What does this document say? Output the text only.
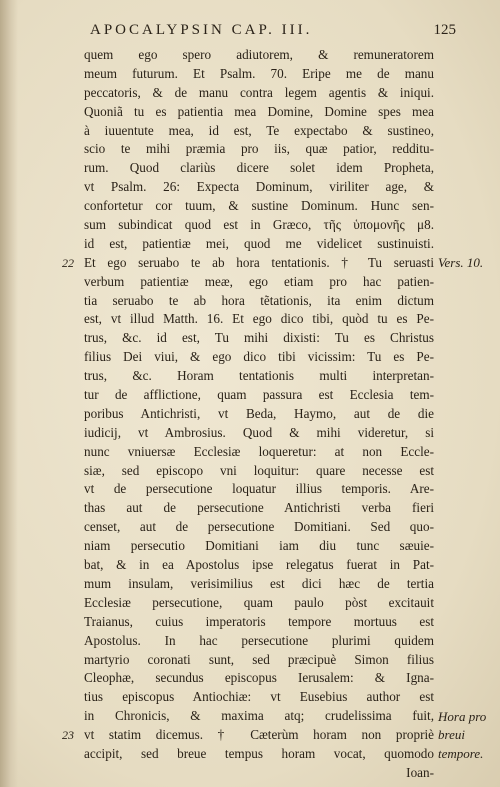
APOCALYPSIN CAP. III.	125
quem ego spero adiutorem, & remuneratorem
meum futurum. Et Psalm. 70. Eripe me de manu
peccatoris, & de manu contra legem agentis & iniqui.
Quoniã tu es patientia mea Domine, Domine spes mea
à iuuentute mea, id est, Te expectabo & sustineo,
scio te mihi præmia pro iis, quæ patior, redditu-
rum. Quod clariùs dicere solet idem Propheta,
vt Psalm. 26: Expecta Dominum, viriliter age, &
confortetur cor tuum, & sustine Dominum. Hunc sen-
sum subindicat quod est in Græco, τῆς ὑπομονῆς μ8.
id est, patientiæ mei, quod me videlicet sustinuisti.
Et ego seruabo te ab hora tentationis. † Tu seruasti
verbum patientiæ meæ, ego etiam pro hac patien-
tia seruabo te ab hora tẽtationis, ita enim dictum
est, vt illud Matth. 16. Et ego dico tibi, quòd tu es Pe-
trus, &c. id est, Tu mihi dixisti: Tu es Christus
filius Dei viui, & ego dico tibi vicissim: Tu es Pe-
trus, &c. Horam tentationis multi interpretan-
tur de afflictione, quam passura est Ecclesia tem-
poribus Antichristi, vt Beda, Haymo, aut de die
iudicij, vt Ambrosius. Quod & mihi videretur, si
nunc vniuersæ Ecclesiæ loqueretur: at non Eccle-
siæ, sed episcopo vni loquitur: quare necesse est
vt de persecutione loquatur illius temporis. Are-
thas aut de persecutione Antichristi verba fieri
censet, aut de persecutione Domitiani. Sed quo-
niam persecutio Domitiani iam diu tunc sæuie-
bat, & in ea Apostolus ipse relegatus fuerat in Pat-
mum insulam, verisimilius est dici hæc de tertia
Ecclesiæ persecutione, quam paulo pòst excitauit
Traianus, cuius imperatoris tempore mortuus est
Apostolus. In hac persecutione plurimi quidem
martyrio coronati sunt, sed præcipuè Simon filius
Cleophæ, secundus episcopus Ierusalem: & Igna-
tius episcopus Antiochiæ: vt Eusebius author est
in Chronicis, & maxima atq; crudelissima fuit,
vt statim dicemus. † Cæterùm horam non propriè
accipit, sed breue tempus horam vocat, quomodo
Ioan-
22
23
Vers. 10.
Hora pro
breui
tempore.
